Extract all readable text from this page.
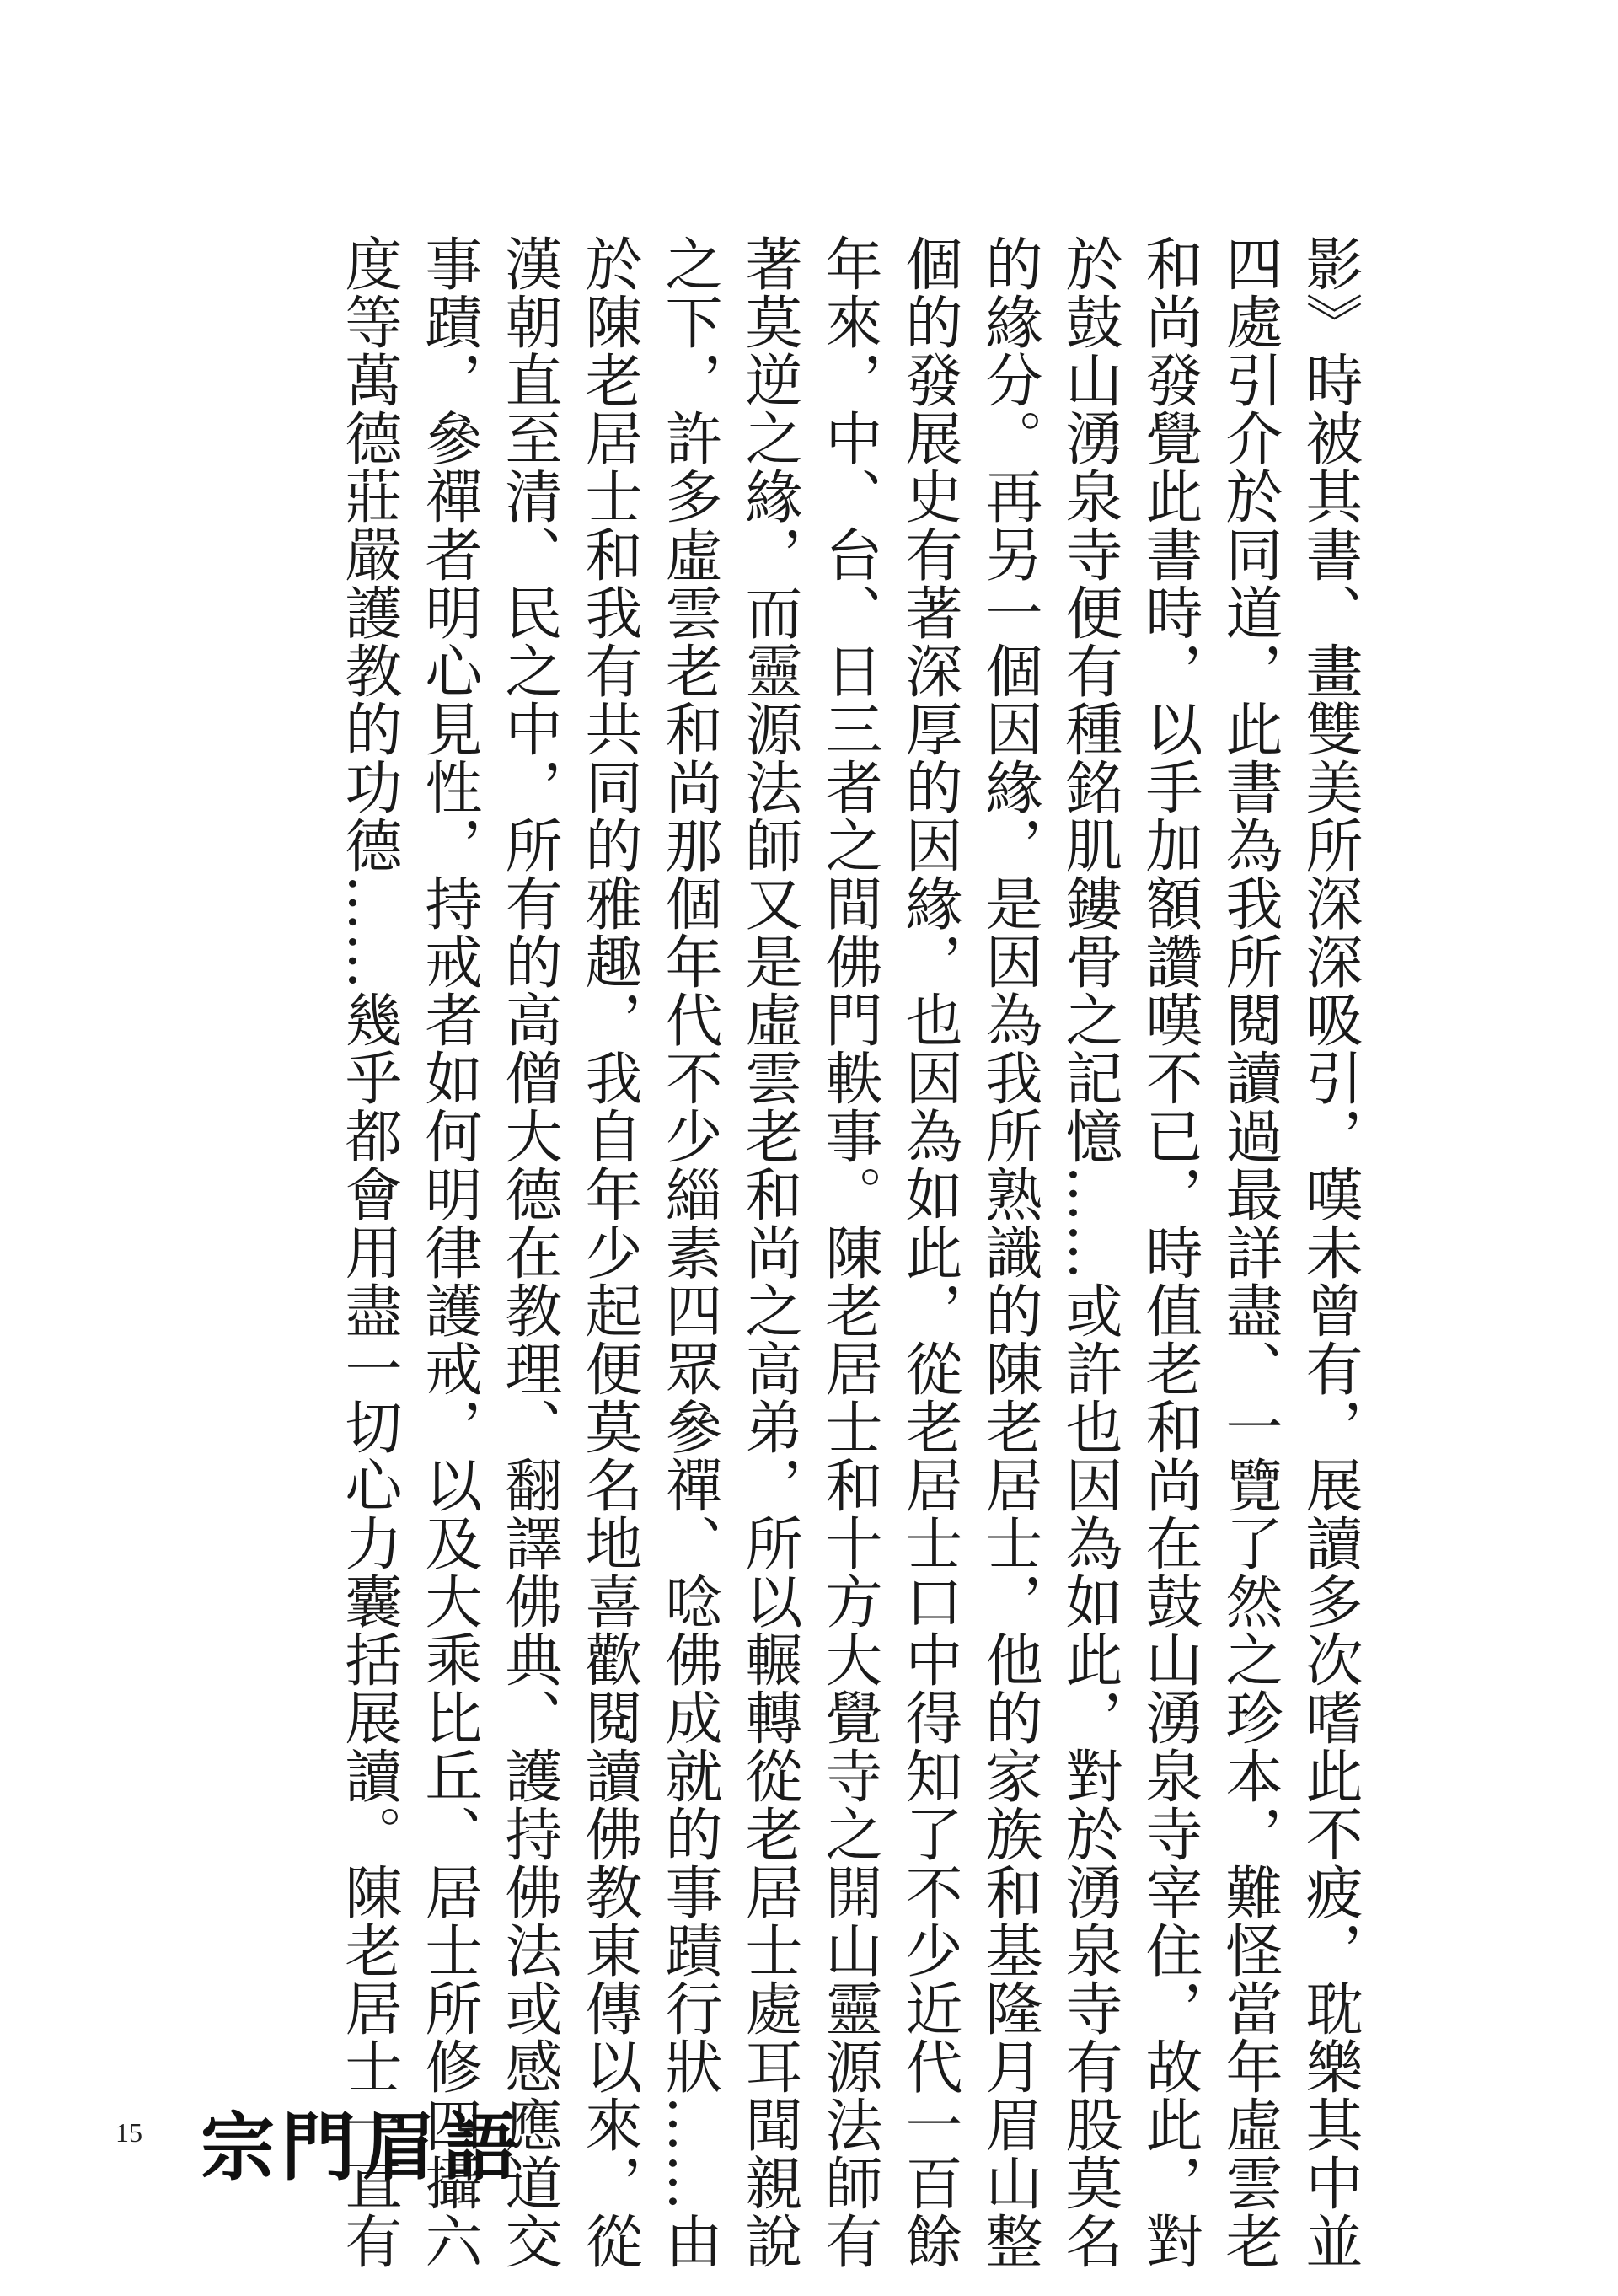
影》時被其書、畫雙美所深深吸引，嘆未曾有，展讀多次嗜此不疲，耽樂其中並
四處引介於同道，此書為我所閱讀過最詳盡、一覽了然之珍本，難怪當年虛雲老
和尚發覺此書時，以手加額讚嘆不已，時值老和尚在鼓山湧泉寺宰住，故此，對
於鼓山湧泉寺便有種銘肌鏤骨之記憶……或許也因為如此，對於湧泉寺有股莫名
的緣分。再另一個因緣，是因為我所熟識的陳老居士，他的家族和基隆月眉山整
個的發展史有著深厚的因緣，也因為如此，從老居士口中得知了不少近代一百餘
年來，中、台、日三者之間佛門軼事。陳老居士和十方大覺寺之開山靈源法師有
著莫逆之緣，而靈源法師又是虛雲老和尚之高弟，所以輾轉從老居士處耳聞親說
之下，許多虛雲老和尚那個年代不少緇素四眾參禪、唸佛成就的事蹟行狀……由
於陳老居士和我有共同的雅趣，我自年少起便莫名地喜歡閱讀佛教東傳以來，從
漢朝直至清、民之中，所有的高僧大德在教理、翻譯佛典、護持佛法或感應道交
事蹟，參禪者明心見性，持戒者如何明律護戒，以及大乘比丘、居士所修四攝六
度等萬德莊嚴護教的功德……幾乎都會用盡一切心力囊括展讀。陳老居士一直有
15 宗門眉語
